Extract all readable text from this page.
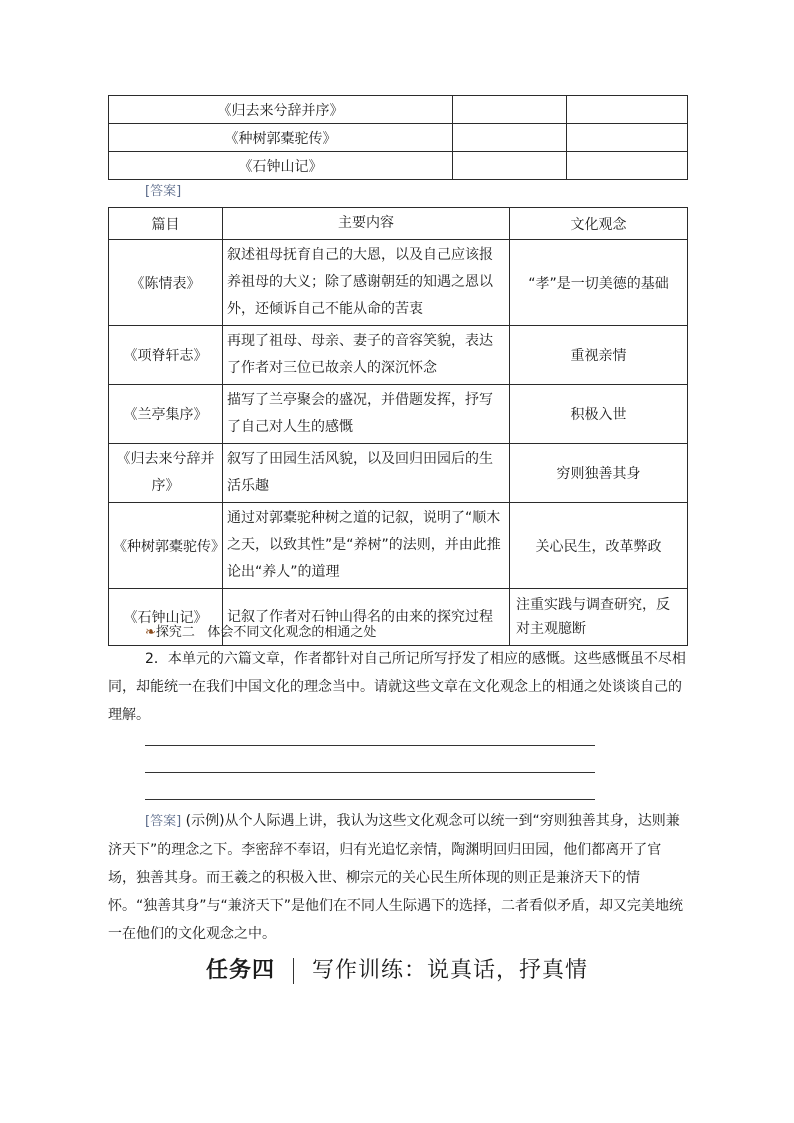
《归去来兮辞并序》		
《种树郭橐驼传》		
《石钟山记》		
[答案]
篇目	主要内容	文化观念
《陈情表》	叙述祖母抚育自己的大恩，以及自己应该报养祖母的大义；除了感谢朝廷的知遇之恩以外，还倾诉自己不能从命的苦衷	“孝”是一切美德的基础
《项脊轩志》	再现了祖母、母亲、妻子的音容笑貌，表达了作者对三位已故亲人的深沉怀念	重视亲情
《兰亭集序》	描写了兰亭聚会的盛况，并借题发挥，抒写了自己对人生的感慨	积极入世
《归去来兮辞并序》	叙写了田园生活风貌，以及回归田园后的生活乐趣	穷则独善其身
《种树郭橐驼传》	通过对郭橐驼种树之道的记叙，说明了“顺木之天，以致其性”是“养树”的法则，并由此推论出“养人”的道理	关心民生，改革弊政
《石钟山记》	记叙了作者对石钟山得名的由来的探究过程	注重实践与调查研究，反对主观臆断
❧探究二 体会不同文化观念的相通之处

2．本单元的六篇文章，作者都针对自己所记所写抒发了相应的感慨。这些感慨虽不尽相同，却能统一在我们中国文化的理念当中。请就这些文章在文化观念上的相通之处谈谈自己的理解。

[答案] (示例)从个人际遇上讲，我认为这些文化观念可以统一到“穷则独善其身，达则兼济天下”的理念之下。李密辞不奉诏，归有光追忆亲情，陶渊明回归田园，他们都离开了官场，独善其身。而王羲之的积极入世、柳宗元的关心民生所体现的则正是兼济天下的情怀。“独善其身”与“兼济天下”是他们在不同人生际遇下的选择，二者看似矛盾，却又完美地统一在他们的文化观念之中。

任务四 写作训练：说真话，抒真情
